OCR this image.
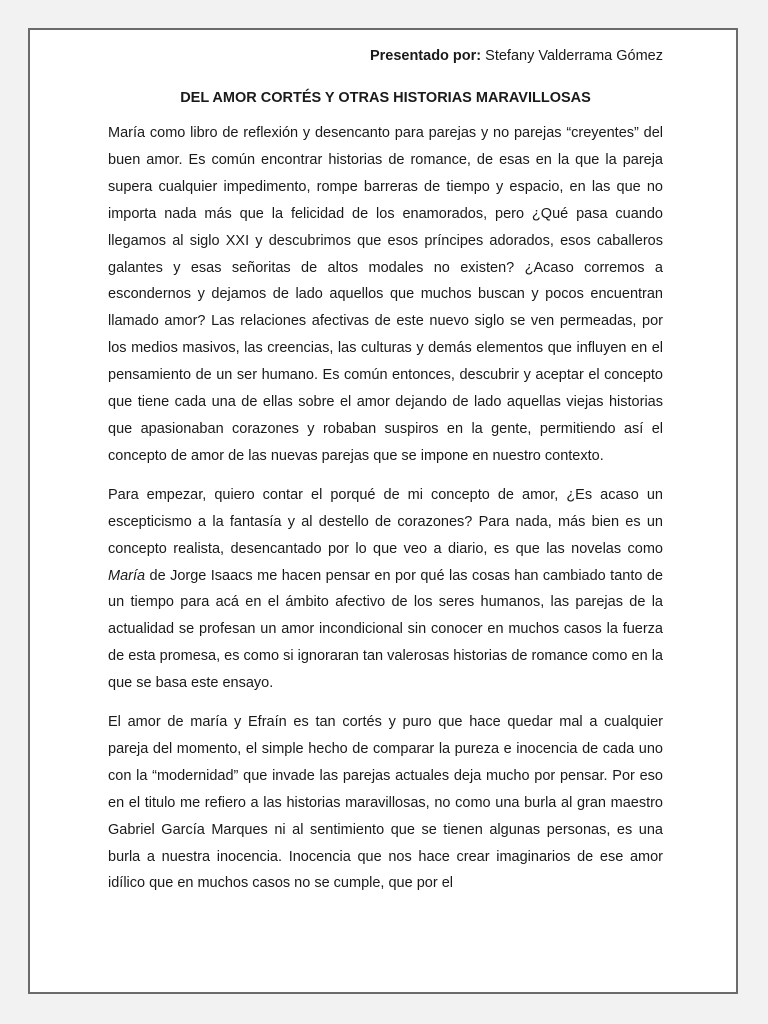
Presentado por: Stefany Valderrama Gómez

DEL AMOR CORTÉS Y OTRAS HISTORIAS MARAVILLOSAS

María como libro de reflexión y desencanto para parejas y no parejas “creyentes” del buen amor. Es común encontrar historias de romance, de esas en la que la pareja supera cualquier impedimento, rompe barreras de tiempo y espacio, en las que no importa nada más que la felicidad de los enamorados, pero ¿Qué pasa cuando llegamos al siglo XXI y descubrimos que esos príncipes adorados, esos caballeros galantes y esas señoritas de altos modales no existen? ¿Acaso corremos a escondernos y dejamos de lado aquellos que muchos buscan y pocos encuentran llamado amor? Las relaciones afectivas de este nuevo siglo se ven permeadas, por los medios masivos, las creencias, las culturas y demás elementos que influyen en el pensamiento de un ser humano. Es común entonces, descubrir y aceptar el concepto que tiene cada una de ellas sobre el amor dejando de lado aquellas viejas historias que apasionaban corazones y robaban suspiros en la gente, permitiendo así el concepto de amor de las nuevas parejas que se impone en nuestro contexto.

Para empezar, quiero contar el porqué de mi concepto de amor, ¿Es acaso un escepticismo a la fantasía y al destello de corazones? Para nada, más bien es un concepto realista, desencantado por lo que veo a diario, es que las novelas como María de Jorge Isaacs me hacen pensar en por qué las cosas han cambiado tanto de un tiempo para acá en el ámbito afectivo de los seres humanos, las parejas de la actualidad se profesan un amor incondicional sin conocer en muchos casos la fuerza de esta promesa, es como si ignoraran tan valerosas historias de romance como en la que se basa este ensayo.

El amor de maría y Efraín es tan cortés y puro que hace quedar mal a cualquier pareja del momento, el simple hecho de comparar la pureza e inocencia de cada uno con la “modernidad” que invade las parejas actuales deja mucho por pensar. Por eso en el titulo me refiero a las historias maravillosas, no como una burla al gran maestro Gabriel García Marques ni al sentimiento que se tienen algunas personas, es una burla a nuestra inocencia. Inocencia que nos hace crear imaginarios de ese amor idílico que en muchos casos no se cumple, que por el
